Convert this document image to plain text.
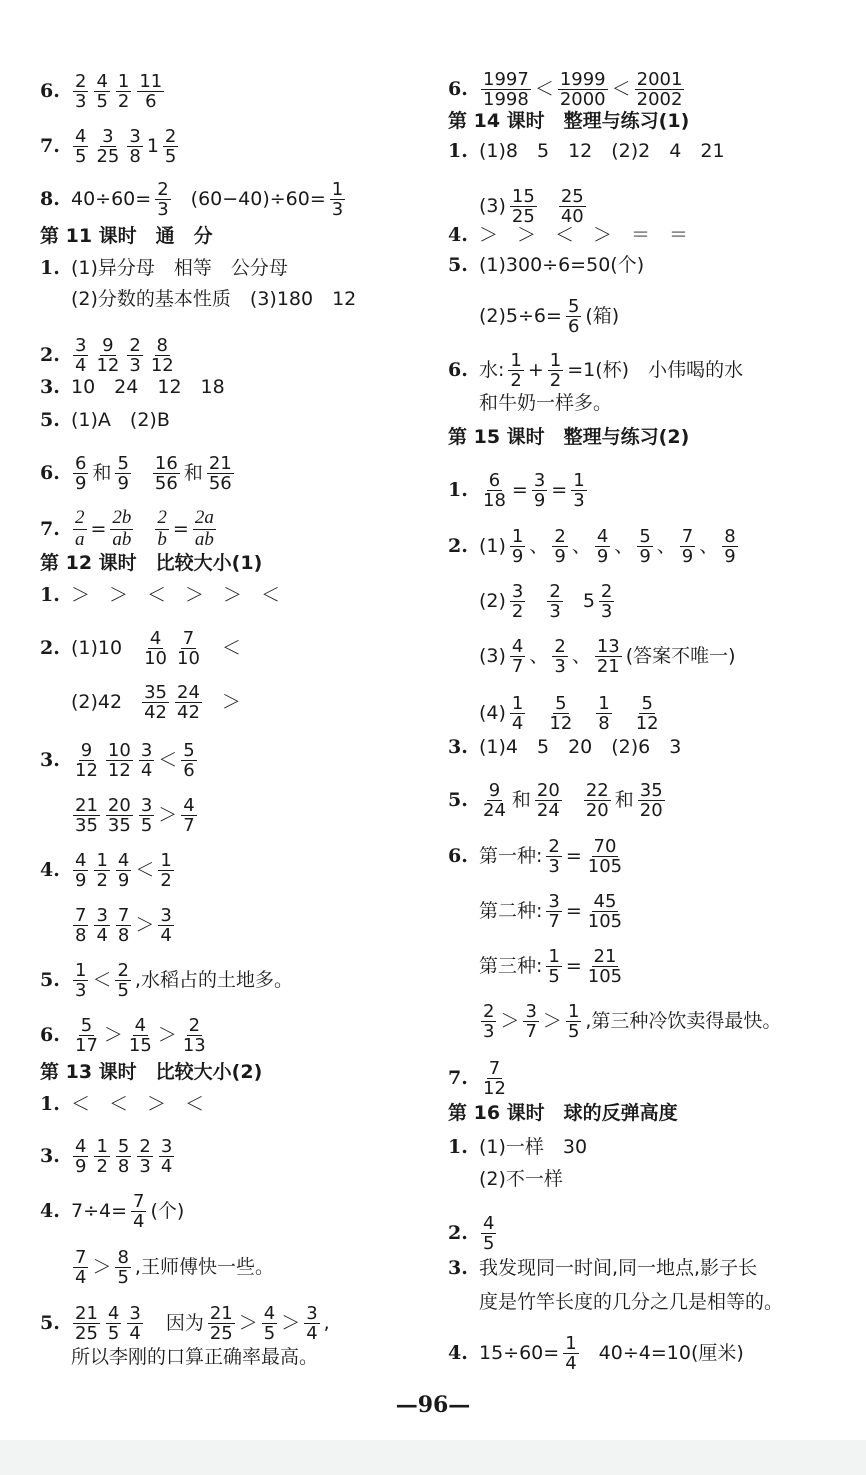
6. $\frac{2}{3} \frac{4}{5} \frac{1}{2} \frac{11}{6}$
7. $\frac{4}{5} \frac{3}{25} \frac{3}{8} 1 \frac{2}{5}$
8. $40\div 60= \frac{2}{3} (60-40)\div 60= \frac{1}{3}$
第 11 课时　通　分
1. (1)异分母　相等　公分母
(2)分数的基本性质　(3)180　12
2. $\frac{3}{4} \frac{9}{12} \frac{2}{3} \frac{8}{12}$
3. 10　24　12　18
5. (1)A　(2)B
6. $\frac{6}{9}$ 和 $\frac{5}{9} \frac{16}{56}$ 和 $\frac{21}{56}$
7. $\frac{2}{a} = \frac{2b}{ab} \frac{2}{b} = \frac{2a}{ab}$
第 12 课时　比较大小(1)
1. ＞　＞　＜　＞　＞　＜
2. $(1)10 \frac{4}{10} \frac{7}{10}$ ＜
$(2)42 \frac{35}{42} \frac{24}{42}$ ＞
3. $\frac{9}{12} \frac{10}{12} \frac{3}{4} < \frac{5}{6}$
$\frac{21}{35} \frac{20}{35} \frac{3}{5} > \frac{4}{7}$
4. $\frac{4}{9} \frac{1}{2} \frac{4}{9} < \frac{1}{2}$
$\frac{7}{8} \frac{3}{4} \frac{7}{8} > \frac{3}{4}$
5. $\frac{1}{3} < \frac{2}{5}$ ,水稻占的土地多。
6. $\frac{5}{17} > \frac{4}{15} > \frac{2}{13}$
第 13 课时　比较大小(2)
1. ＜　＜　＞　＜
3. $\frac{4}{9} \frac{1}{2} \frac{5}{8} \frac{2}{3} \frac{3}{4}$
4. $7\div 4= \frac{7}{4}$ (个)
$\frac{7}{4} > \frac{8}{5}$ ,王师傅快一些。
5. $\frac{21}{25} \frac{4}{5} \frac{3}{4}$ 　因为 $\frac{21}{25} > \frac{4}{5} > \frac{3}{4}$ ,
所以李刚的口算正确率最高。
6. $\frac{1997}{1998} < \frac{1999}{2000} < \frac{2001}{2002}$
第 14 课时　整理与练习(1)
1. (1)8　5　12　(2)2　4　21
$(3) \frac{15}{25} \frac{25}{40}$
4. ＞　＞　＜　＞　＝　＝
5. (1)300÷6=50(个)
$(2)5\div 6= \frac{5}{6}$ (箱)
6. 水: $\frac{1}{2} + \frac{1}{2} =1$(杯)　小伟喝的水
和牛奶一样多。
第 15 课时　整理与练习(2)
1. $\frac{6}{18} = \frac{3}{9} = \frac{1}{3}$
2. $(1) \frac{1}{9}$ 、 $\frac{2}{9}$ 、 $\frac{4}{9}$ 、 $\frac{5}{9}$ 、 $\frac{7}{9}$ 、 $\frac{8}{9}$
$(2) \frac{3}{2} \frac{2}{3} 5 \frac{2}{3}$
$(3) \frac{4}{7}$ 、 $\frac{2}{3}$ 、 $\frac{13}{21}$ (答案不唯一)
$(4) \frac{1}{4} \frac{5}{12} \frac{1}{8} \frac{5}{12}$
3. (1)4　5　20　(2)6　3
5. $\frac{9}{24}$ 和 $\frac{20}{24} \frac{22}{20}$ 和 $\frac{35}{20}$
6. 第一种: $\frac{2}{3} = \frac{70}{105}$
第二种: $\frac{3}{7} = \frac{45}{105}$
第三种: $\frac{1}{5} = \frac{21}{105}$
$\frac{2}{3} > \frac{3}{7} > \frac{1}{5}$ ,第三种冷饮卖得最快。
7. $\frac{7}{12}$
第 16 课时　球的反弹高度
1. (1)一样　30
(2)不一样
2. $\frac{4}{5}$
3. 我发现同一时间,同一地点,影子长
度是竹竿长度的几分之几是相等的。
4. $15\div 60= \frac{1}{4} 40\div 4=10$(厘米)
—96—
